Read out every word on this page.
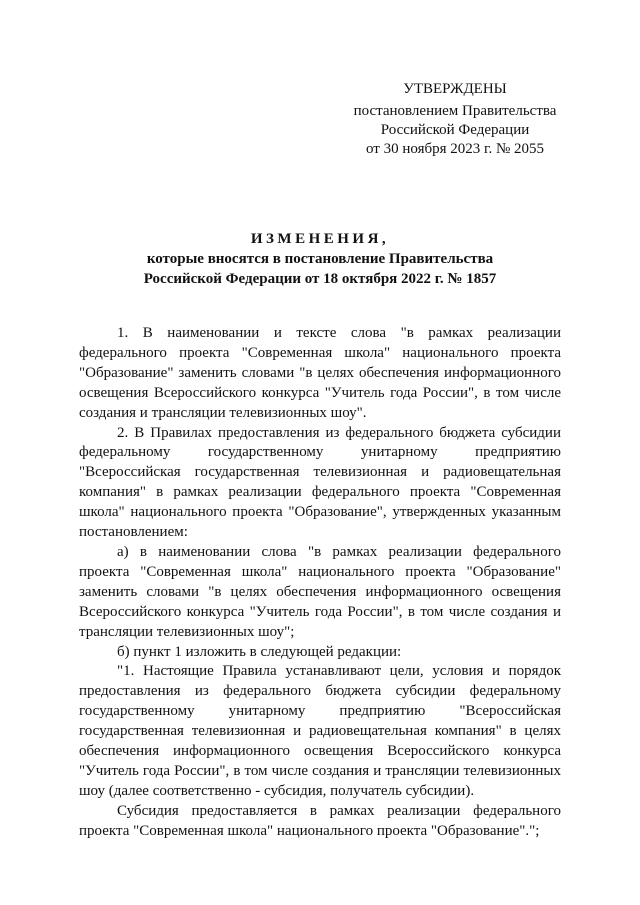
УТВЕРЖДЕНЫ
постановлением Правительства
Российской Федерации
от 30 ноября 2023 г. № 2055
ИЗМЕНЕНИЯ,
которые вносятся в постановление Правительства
Российской Федерации от 18 октября 2022 г. № 1857

1. В наименовании и тексте слова "в рамках реализации федерального проекта "Современная школа" национального проекта "Образование" заменить словами "в целях обеспечения информационного освещения Всероссийского конкурса "Учитель года России", в том числе создания и трансляции телевизионных шоу".

2. В Правилах предоставления из федерального бюджета субсидии федеральному государственному унитарному предприятию "Всероссийская государственная телевизионная и радиовещательная компания" в рамках реализации федерального проекта "Современная школа" национального проекта "Образование", утвержденных указанным постановлением:

а) в наименовании слова "в рамках реализации федерального проекта "Современная школа" национального проекта "Образование" заменить словами "в целях обеспечения информационного освещения Всероссийского конкурса "Учитель года России", в том числе создания и трансляции телевизионных шоу";

б) пункт 1 изложить в следующей редакции:

"1. Настоящие Правила устанавливают цели, условия и порядок предоставления из федерального бюджета субсидии федеральному государственному унитарному предприятию "Всероссийская государственная телевизионная и радиовещательная компания" в целях обеспечения информационного освещения Всероссийского конкурса "Учитель года России", в том числе создания и трансляции телевизионных шоу (далее соответственно - субсидия, получатель субсидии).

Субсидия предоставляется в рамках реализации федерального проекта "Современная школа" национального проекта "Образование".";
